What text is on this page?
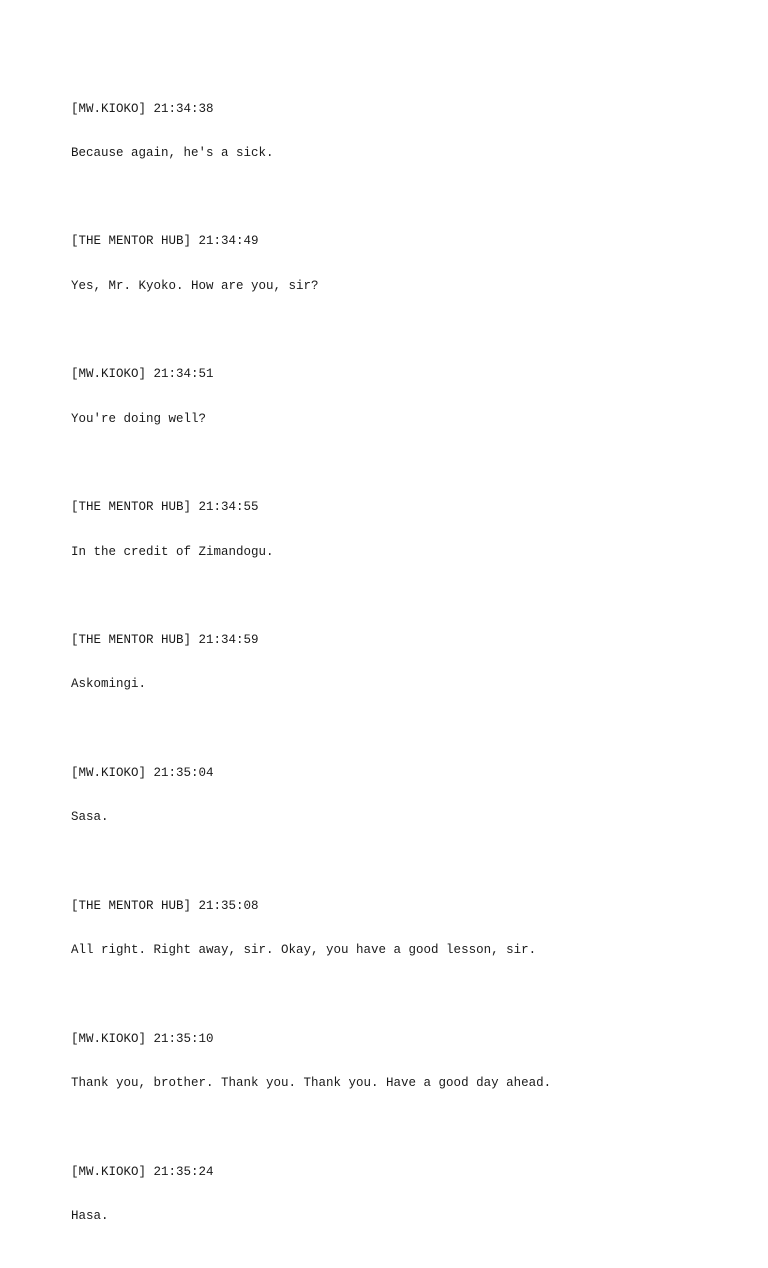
[MW.KIOKO] 21:34:38

Because again, he's a sick.

[THE MENTOR HUB] 21:34:49

Yes, Mr. Kyoko. How are you, sir?

[MW.KIOKO] 21:34:51

You're doing well?

[THE MENTOR HUB] 21:34:55

In the credit of Zimandogu.

[THE MENTOR HUB] 21:34:59

Askomingi.

[MW.KIOKO] 21:35:04

Sasa.

[THE MENTOR HUB] 21:35:08

All right. Right away, sir. Okay, you have a good lesson, sir.

[MW.KIOKO] 21:35:10

Thank you, brother. Thank you. Thank you. Have a good day ahead.

[MW.KIOKO] 21:35:24

Hasa.
